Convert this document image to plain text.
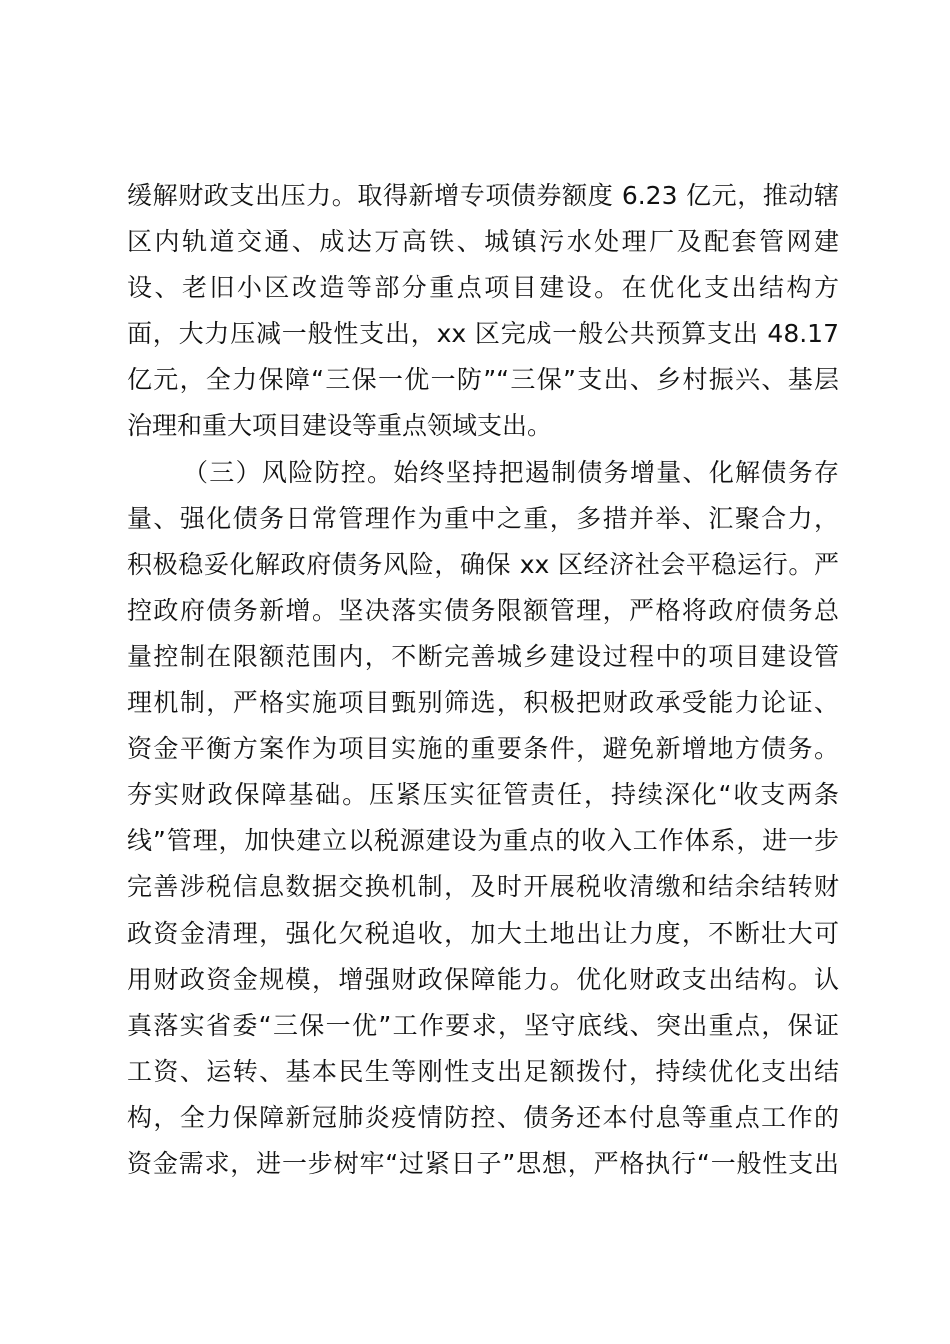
缓解财政支出压力。取得新增专项债券额度 6.23 亿元，推动辖
区内轨道交通、成达万高铁、城镇污水处理厂及配套管网建
设、老旧小区改造等部分重点项目建设。在优化支出结构方
面，大力压减一般性支出，xx 区完成一般公共预算支出 48.17
亿元，全力保障“三保一优一防”“三保”支出、乡村振兴、基层
治理和重大项目建设等重点领域支出。
（三）风险防控。始终坚持把遏制债务增量、化解债务存
量、强化债务日常管理作为重中之重，多措并举、汇聚合力，
积极稳妥化解政府债务风险，确保 xx 区经济社会平稳运行。严
控政府债务新增。坚决落实债务限额管理，严格将政府债务总
量控制在限额范围内，不断完善城乡建设过程中的项目建设管
理机制，严格实施项目甄别筛选，积极把财政承受能力论证、
资金平衡方案作为项目实施的重要条件，避免新增地方债务。
夯实财政保障基础。压紧压实征管责任，持续深化“收支两条
线”管理，加快建立以税源建设为重点的收入工作体系，进一步
完善涉税信息数据交换机制，及时开展税收清缴和结余结转财
政资金清理，强化欠税追收，加大土地出让力度，不断壮大可
用财政资金规模，增强财政保障能力。优化财政支出结构。认
真落实省委“三保一优”工作要求，坚守底线、突出重点，保证
工资、运转、基本民生等刚性支出足额拨付，持续优化支出结
构，全力保障新冠肺炎疫情防控、债务还本付息等重点工作的
资金需求，进一步树牢“过紧日子”思想，严格执行“一般性支出
